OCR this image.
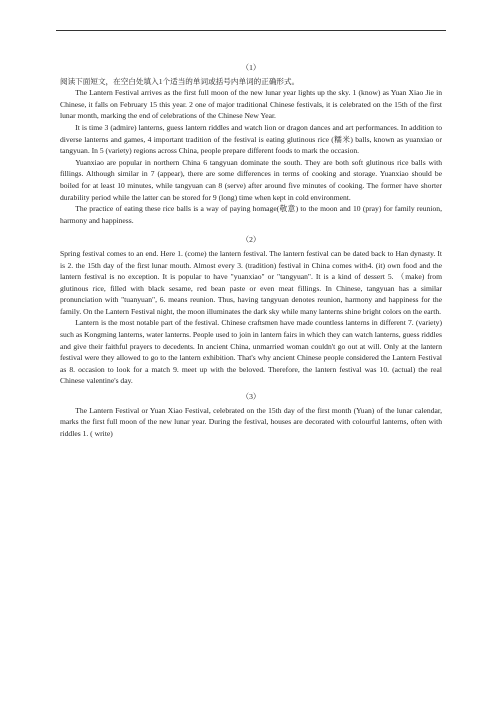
（1）

阅读下面短文，在空白处填入1个适当的单词或括号内单词的正确形式。

The Lantern Festival arrives as the first full moon of the new lunar year lights up the sky. 1 (know) as Yuan Xiao Jie in Chinese, it falls on February 15 this year. 2 one of major traditional Chinese festivals, it is celebrated on the 15th of the first lunar month, marking the end of celebrations of the Chinese New Year.

It is time 3 (admire) lanterns, guess lantern riddles and watch lion or dragon dances and art performances. In addition to diverse lanterns and games, 4 important tradition of the festival is eating glutinous rice (糯米) balls, known as yuanxiao or tangyuan. In 5 (variety) regions across China, people prepare different foods to mark the occasion.

Yuanxiao are popular in northern China 6 tangyuan dominate the south. They are both soft glutinous rice balls with fillings. Although similar in 7 (appear), there are some differences in terms of cooking and storage. Yuanxiao should be boiled for at least 10 minutes, while tangyuan can 8 (serve) after around five minutes of cooking. The former have shorter durability period while the latter can be stored for 9 (long) time when kept in cold environment.

The practice of eating these rice balls is a way of paying homage(敬意) to the moon and 10 (pray) for family reunion, harmony and happiness.

（2）

Spring festival comes to an end. Here 1. (come) the lantern festival. The lantern festival can be dated back to Han dynasty. It is 2. the 15th day of the first lunar mouth. Almost every 3. (tradition) festival in China comes with4. (it) own food and the lantern festival is no exception. It is popular to have "yuanxiao" or "tangyuan". It is a kind of dessert 5. （make) from glutinous rice, filled with black sesame, red bean paste or even meat fillings. In Chinese, tangyuan has a similar pronunciation with "tuanyuan", 6. means reunion. Thus, having tangyuan denotes reunion, harmony and happiness for the family. On the Lantern Festival night, the moon illuminates the dark sky while many lanterns shine bright colors on the earth.

Lantern is the most notable part of the festival. Chinese craftsmen have made countless lanterns in different 7. (variety) such as Kongming lanterns, water lanterns. People used to join in lantern fairs in which they can watch lanterns, guess riddles and give their faithful prayers to decedents. In ancient China, unmarried woman couldn't go out at will. Only at the lantern festival were they allowed to go to the lantern exhibition. That's why ancient Chinese people considered the Lantern Festival as 8. occasion to look for a match 9. meet up with the beloved. Therefore, the lantern festival was 10. (actual) the real Chinese valentine's day.

（3）

The Lantern Festival or Yuan Xiao Festival, celebrated on the 15th day of the first month (Yuan) of the lunar calendar, marks the first full moon of the new lunar year. During the festival, houses are decorated with colourful lanterns, often with riddles 1. ( write)
